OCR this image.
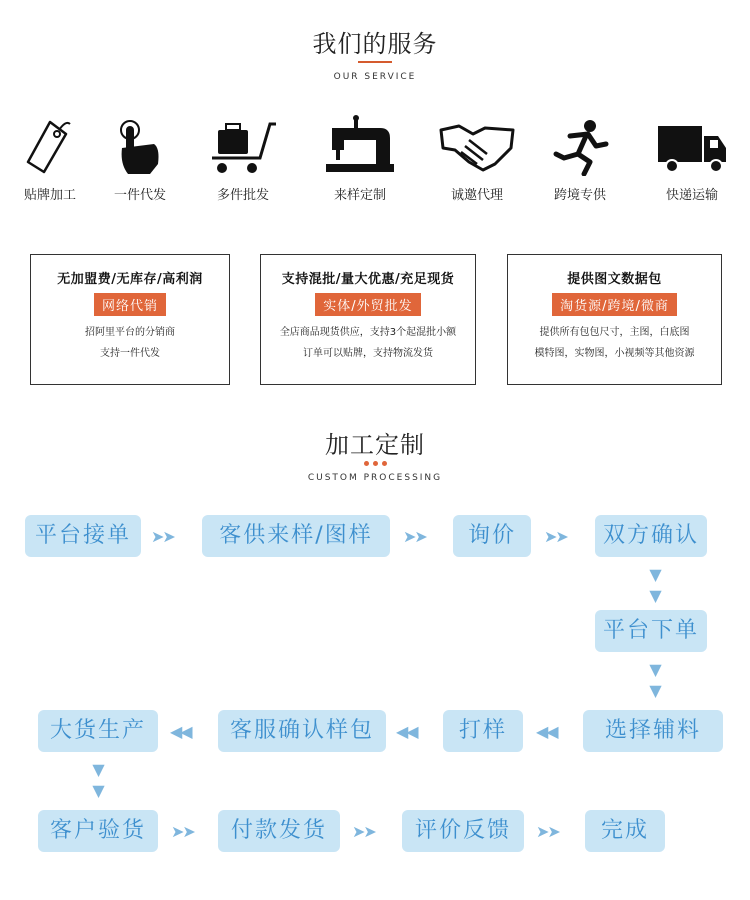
我们的服务
OUR SERVICE
贴牌加工	一件代发	多件批发	来样定制	诚邀代理	跨境专供	快递运输
无加盟费/无库存/高利润
网络代销
招阿里平台的分销商
支持一件代发
支持混批/量大优惠/充足现货
实体/外贸批发
全店商品现货供应，支持3个起混批小额
订单可以贴牌，支持物流发货
提供图文数据包
淘货源/跨境/微商
提供所有包包尺寸，主图，白底图
模特图，实物图，小视频等其他资源
加工定制
CUSTOM PROCESSING
平台接单	➤➤	客供来样/图样	➤➤	询价	➤➤	双方确认
▼▼
平台下单
▼▼
选择辅料
◀◀
打样
◀◀
客服确认样包
◀◀
大货生产
▼▼
客户验货	➤➤	付款发货	➤➤	评价反馈	➤➤	完成
